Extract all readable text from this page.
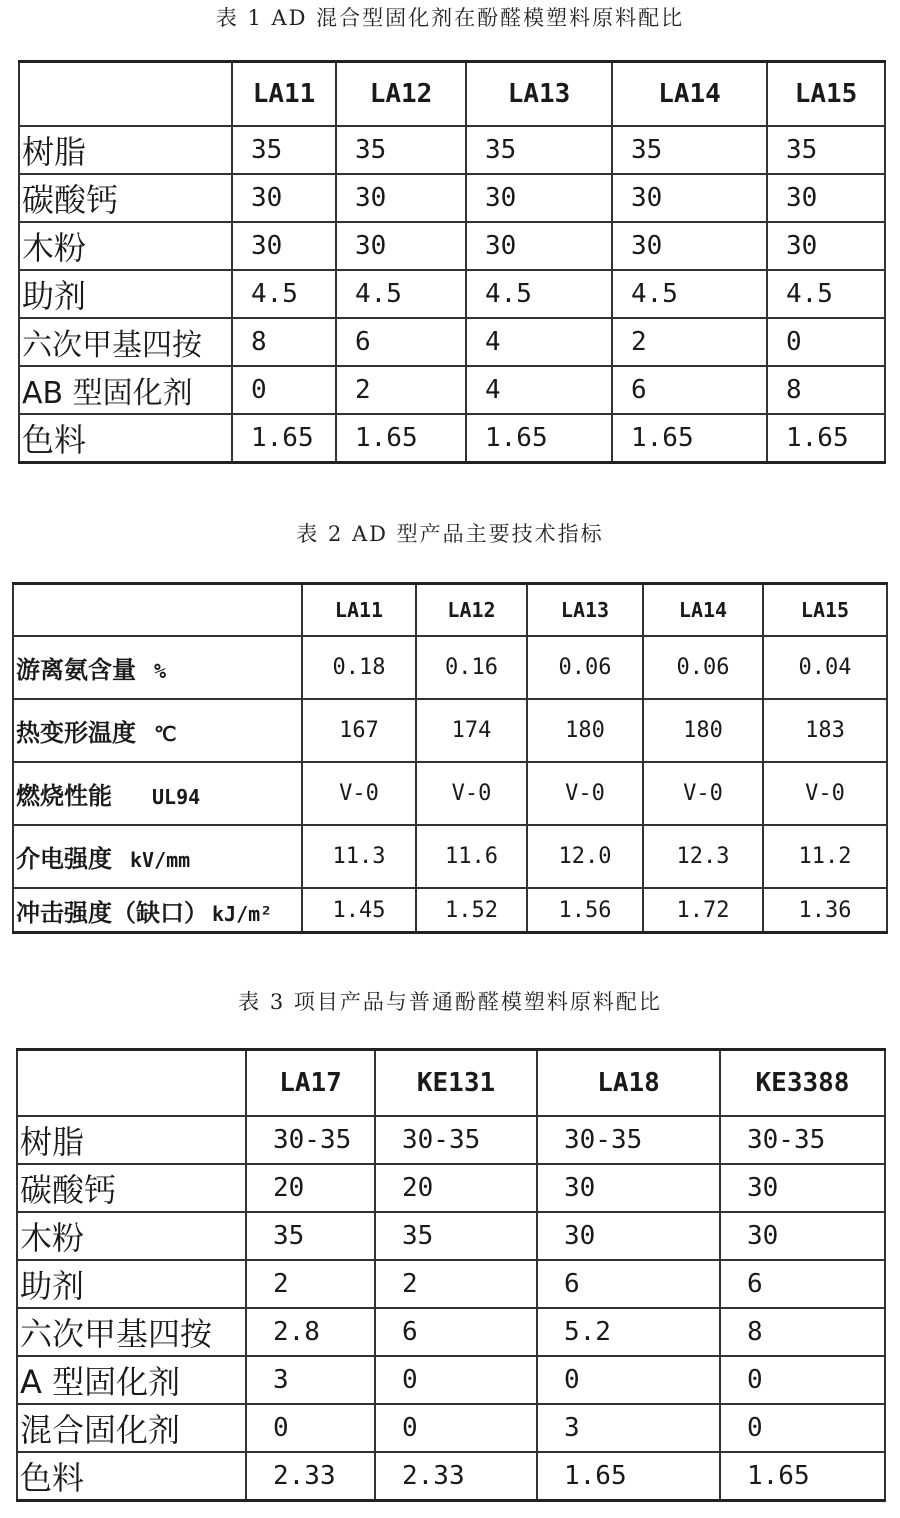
表 1 AD 混合型固化剂在酚醛模塑料原料配比
	LA11	LA12	LA13	LA14	LA15
树脂	35	35	35	35	35
碳酸钙	30	30	30	30	30
木粉	30	30	30	30	30
助剂	4.5	4.5	4.5	4.5	4.5
六次甲基四按	8	6	4	2	0
AB 型固化剂	0	2	4	6	8
色料	1.65	1.65	1.65	1.65	1.65
表 2 AD 型产品主要技术指标
	LA11	LA12	LA13	LA14	LA15
游离氨含量 %	0.18	0.16	0.06	0.06	0.04
热变形温度 ℃	167	174	180	180	183
燃烧性能 UL94	V-0	V-0	V-0	V-0	V-0
介电强度 kV/mm	11.3	11.6	12.0	12.3	11.2
冲击强度（缺口） kJ/m²	1.45	1.52	1.56	1.72	1.36
表 3 项目产品与普通酚醛模塑料原料配比
	LA17	KE131	LA18	KE3388
树脂	30-35	30-35	30-35	30-35
碳酸钙	20	20	30	30
木粉	35	35	30	30
助剂	2	2	6	6
六次甲基四按	2.8	6	5.2	8
A 型固化剂	3	0	0	0
混合固化剂	0	0	3	0
色料	2.33	2.33	1.65	1.65
